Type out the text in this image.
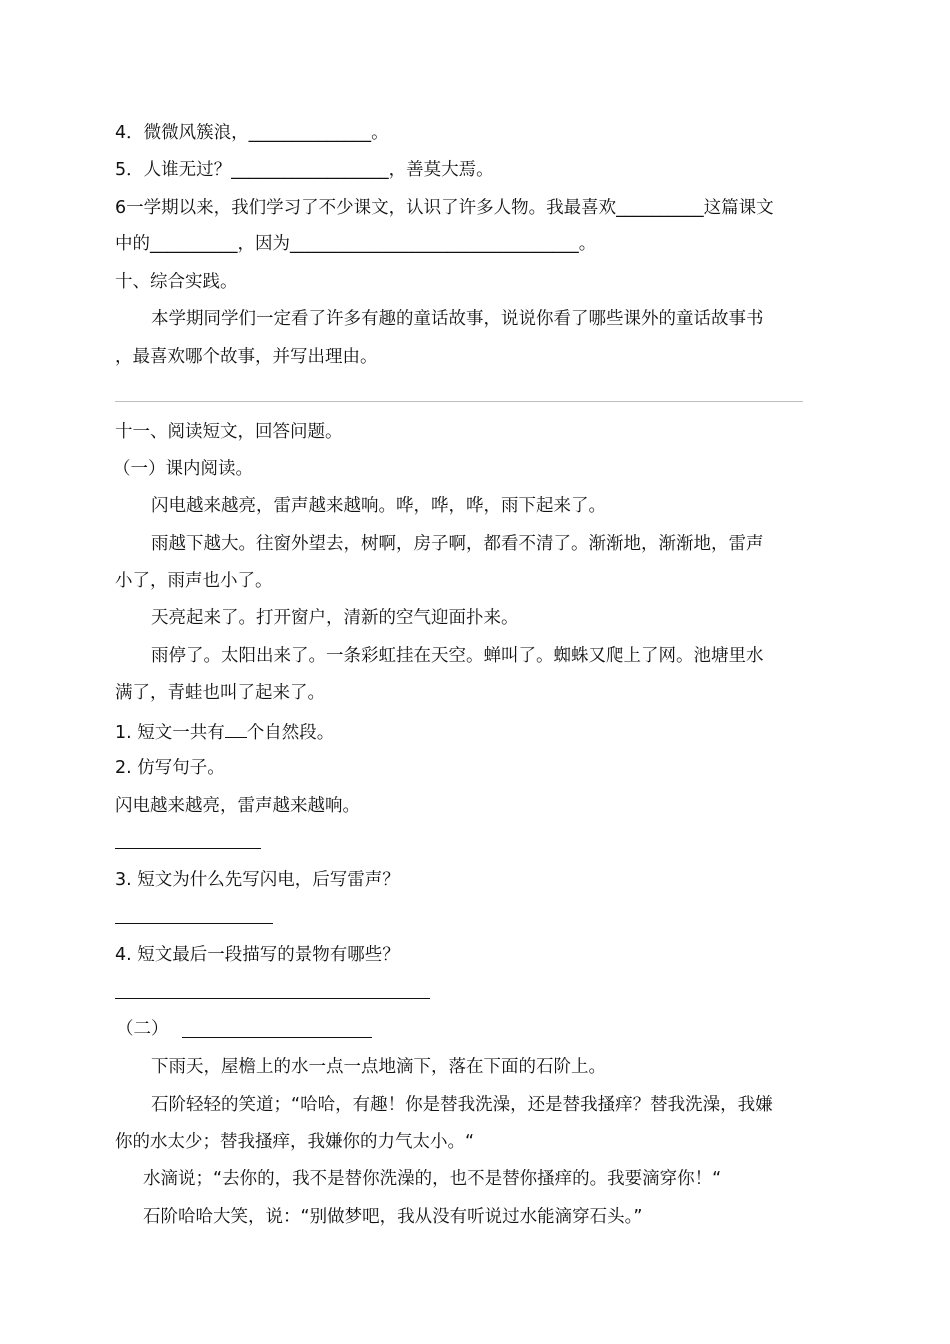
4．微微风簇浪，______________。
5．人谁无过？__________________，善莫大焉。
6一学期以来，我们学习了不少课文，认识了许多人物。我最喜欢__________这篇课文
中的__________，因为_________________________________。
十、综合实践。
本学期同学们一定看了许多有趣的童话故事，说说你看了哪些课外的童话故事书
，最喜欢哪个故事，并写出理由。
十一、阅读短文，回答问题。
（一）课内阅读。
闪电越来越亮，雷声越来越响。哗，哗，哗，雨下起来了。
雨越下越大。往窗外望去，树啊，房子啊，都看不清了。渐渐地，渐渐地，雷声
小了，雨声也小了。
天亮起来了。打开窗户，清新的空气迎面扑来。
雨停了。太阳出来了。一条彩虹挂在天空。蝉叫了。蜘蛛又爬上了网。池塘里水
满了，青蛙也叫了起来了。
1. 短文一共有 个自然段。
2. 仿写句子。
闪电越来越亮，雷声越来越响。
3. 短文为什么先写闪电，后写雷声？
4. 短文最后一段描写的景物有哪些？
（二）
下雨天，屋檐上的水一点一点地滴下，落在下面的石阶上。
石阶轻轻的笑道；“哈哈，有趣！你是替我洗澡，还是替我搔痒？替我洗澡，我嫌
你的水太少；替我搔痒，我嫌你的力气太小。“
水滴说；“去你的，我不是替你洗澡的，也不是替你搔痒的。我要滴穿你！“
石阶哈哈大笑，说：“别做梦吧，我从没有听说过水能滴穿石头。”
